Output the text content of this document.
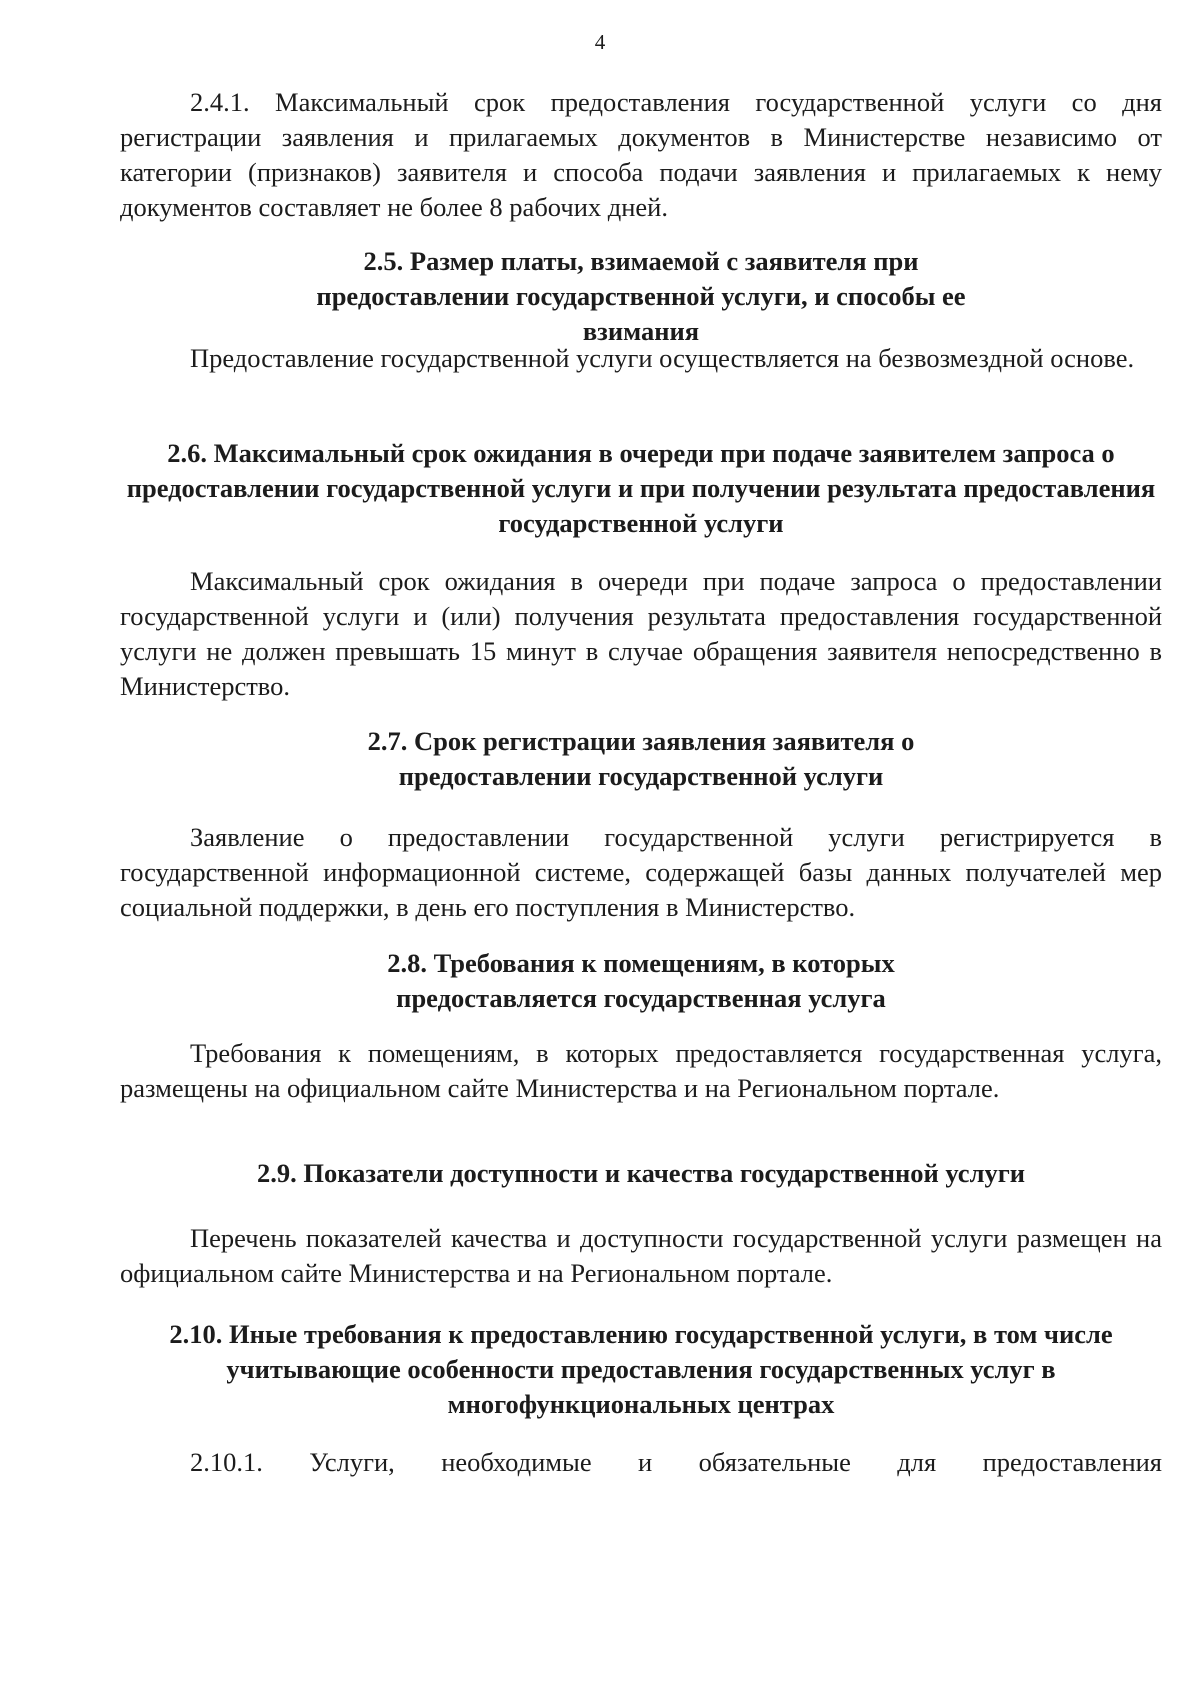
4

2.4.1. Максимальный срок предоставления государственной услуги со дня регистрации заявления и прилагаемых документов в Министерстве независимо от категории (признаков) заявителя и способа подачи заявления и прилагаемых к нему документов составляет не более 8 рабочих дней.

2.5. Размер платы, взимаемой с заявителя при предоставлении государственной услуги, и способы ее взимания

Предоставление государственной услуги осуществляется на безвозмездной основе.

2.6. Максимальный срок ожидания в очереди при подаче заявителем запроса о предоставлении государственной услуги и при получении результата предоставления государственной услуги

Максимальный срок ожидания в очереди при подаче запроса о предоставлении государственной услуги и (или) получения результата предоставления государственной услуги не должен превышать 15 минут в случае обращения заявителя непосредственно в Министерство.

2.7. Срок регистрации заявления заявителя о предоставлении государственной услуги

Заявление о предоставлении государственной услуги регистрируется в государственной информационной системе, содержащей базы данных получателей мер социальной поддержки, в день его поступления в Министерство.

2.8. Требования к помещениям, в которых предоставляется государственная услуга

Требования к помещениям, в которых предоставляется государственная услуга, размещены на официальном сайте Министерства и на Региональном портале.

2.9. Показатели доступности и качества государственной услуги

Перечень показателей качества и доступности государственной услуги размещен на официальном сайте Министерства и на Региональном портале.

2.10. Иные требования к предоставлению государственной услуги, в том числе учитывающие особенности предоставления государственных услуг в многофункциональных центрах

2.10.1. Услуги, необходимые и обязательные для предоставления
